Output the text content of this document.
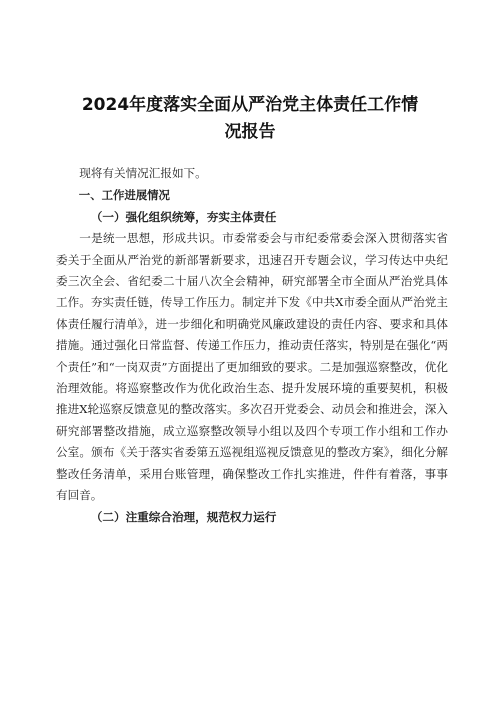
2024年度落实全面从严治党主体责任工作情
况报告

现将有关情况汇报如下。

一、工作进展情况

（一）强化组织统筹，夯实主体责任

一是统一思想，形成共识。市委常委会与市纪委常委会深入贯彻落实省委关于全面从严治党的新部署新要求，迅速召开专题会议，学习传达中央纪委三次全会、省纪委二十届八次全会精神，研究部署全市全面从严治党具体工作。夯实责任链，传导工作压力。制定并下发《中共X市委全面从严治党主体责任履行清单》，进一步细化和明确党风廉政建设的责任内容、要求和具体措施。通过强化日常监督、传递工作压力，推动责任落实，特别是在强化“两个责任”和“一岗双责”方面提出了更加细致的要求。二是加强巡察整改，优化治理效能。将巡察整改作为优化政治生态、提升发展环境的重要契机，积极推进X轮巡察反馈意见的整改落实。多次召开党委会、动员会和推进会，深入研究部署整改措施，成立巡察整改领导小组以及四个专项工作小组和工作办公室。颁布《关于落实省委第五巡视组巡视反馈意见的整改方案》，细化分解整改任务清单，采用台账管理，确保整改工作扎实推进，件件有着落，事事有回音。

（二）注重综合治理，规范权力运行
